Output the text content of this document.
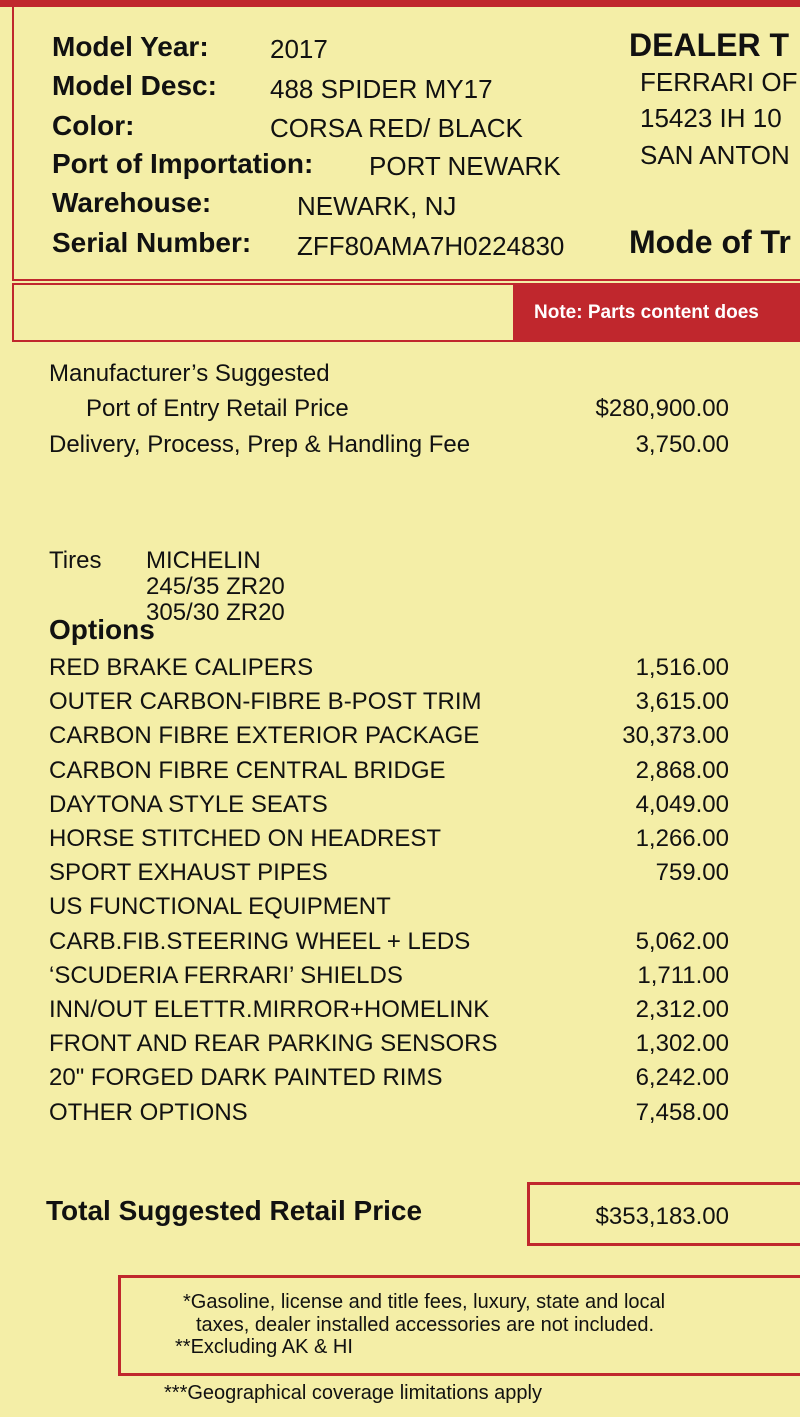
Model Year: 2017
Model Desc: 488 SPIDER MY17
Color:	CORSA RED/ BLACK
Port of Importation: PORT NEWARK
Warehouse:	NEWARK, NJ
Serial Number: ZFF80AMA7H0224830
DEALER T
FERRARI OF
15423 IH 10
SAN ANTON
Mode of Tr
Note: Parts content does
Manufacturer’s Suggested
Port of Entry Retail Price	$280,900.00
Delivery, Process, Prep & Handling Fee	3,750.00
Tires MICHELIN
245/35 ZR20
305/30 ZR20
Options
RED BRAKE CALIPERS	1,516.00
OUTER CARBON-FIBRE B-POST TRIM	3,615.00
CARBON FIBRE EXTERIOR PACKAGE	30,373.00
CARBON FIBRE CENTRAL BRIDGE	2,868.00
DAYTONA STYLE SEATS	4,049.00
HORSE STITCHED ON HEADREST	1,266.00
SPORT EXHAUST PIPES	759.00
US FUNCTIONAL EQUIPMENT
CARB.FIB.STEERING WHEEL + LEDS	5,062.00
‘SCUDERIA FERRARI’ SHIELDS	1,711.00
INN/OUT ELETTR.MIRROR+HOMELINK	2,312.00
FRONT AND REAR PARKING SENSORS	1,302.00
20" FORGED DARK PAINTED RIMS	6,242.00
OTHER OPTIONS	7,458.00
Total Suggested Retail Price	$353,183.00
*Gasoline, license and title fees, luxury, state and local
taxes, dealer installed accessories are not included.
**Excluding AK & HI
***Geographical coverage limitations apply
